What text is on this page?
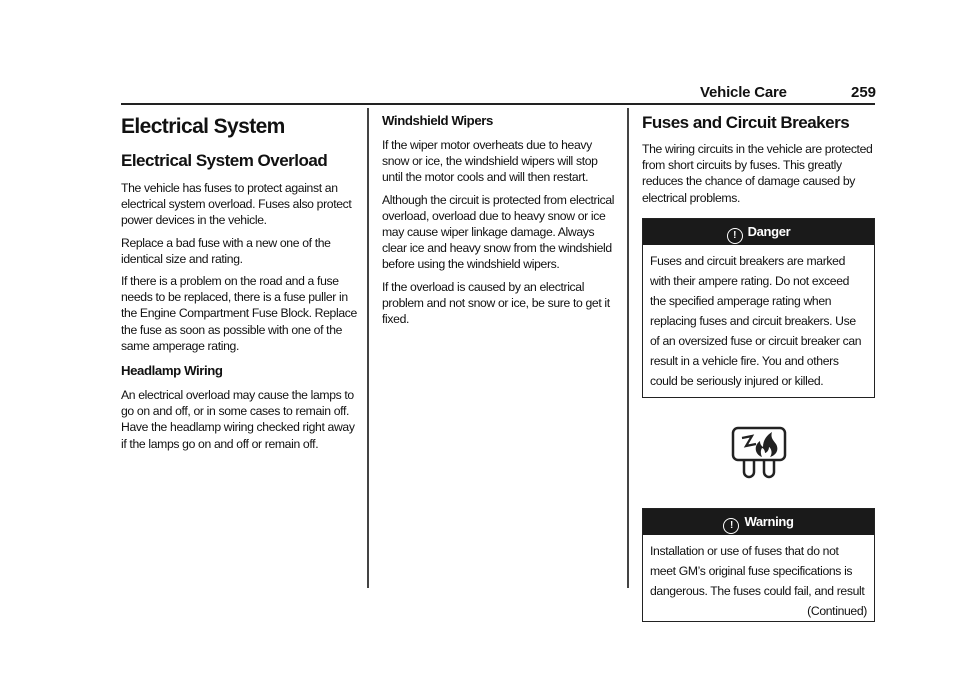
Vehicle Care	259
Electrical System
Electrical System Overload

The vehicle has fuses to protect against an electrical system overload. Fuses also protect power devices in the vehicle.

Replace a bad fuse with a new one of the identical size and rating.

If there is a problem on the road and a fuse needs to be replaced, there is a fuse puller in the Engine Compartment Fuse Block. Replace the fuse as soon as possible with one of the same amperage rating.

Headlamp Wiring

An electrical overload may cause the lamps to go on and off, or in some cases to remain off. Have the headlamp wiring checked right away if the lamps go on and off or remain off.

Windshield Wipers

If the wiper motor overheats due to heavy snow or ice, the windshield wipers will stop until the motor cools and will then restart.

Although the circuit is protected from electrical overload, overload due to heavy snow or ice may cause wiper linkage damage. Always clear ice and heavy snow from the windshield before using the windshield wipers.

If the overload is caused by an electrical problem and not snow or ice, be sure to get it fixed.

Fuses and Circuit Breakers

The wiring circuits in the vehicle are protected from short circuits by fuses. This greatly reduces the chance of damage caused by electrical problems.

! Danger
Fuses and circuit breakers are marked with their ampere rating. Do not exceed the specified amperage rating when replacing fuses and circuit breakers. Use of an oversized fuse or circuit breaker can result in a vehicle fire. You and others could be seriously injured or killed.
! Warning
Installation or use of fuses that do not meet GM’s original fuse specifications is dangerous. The fuses could fail, and result
(Continued)
